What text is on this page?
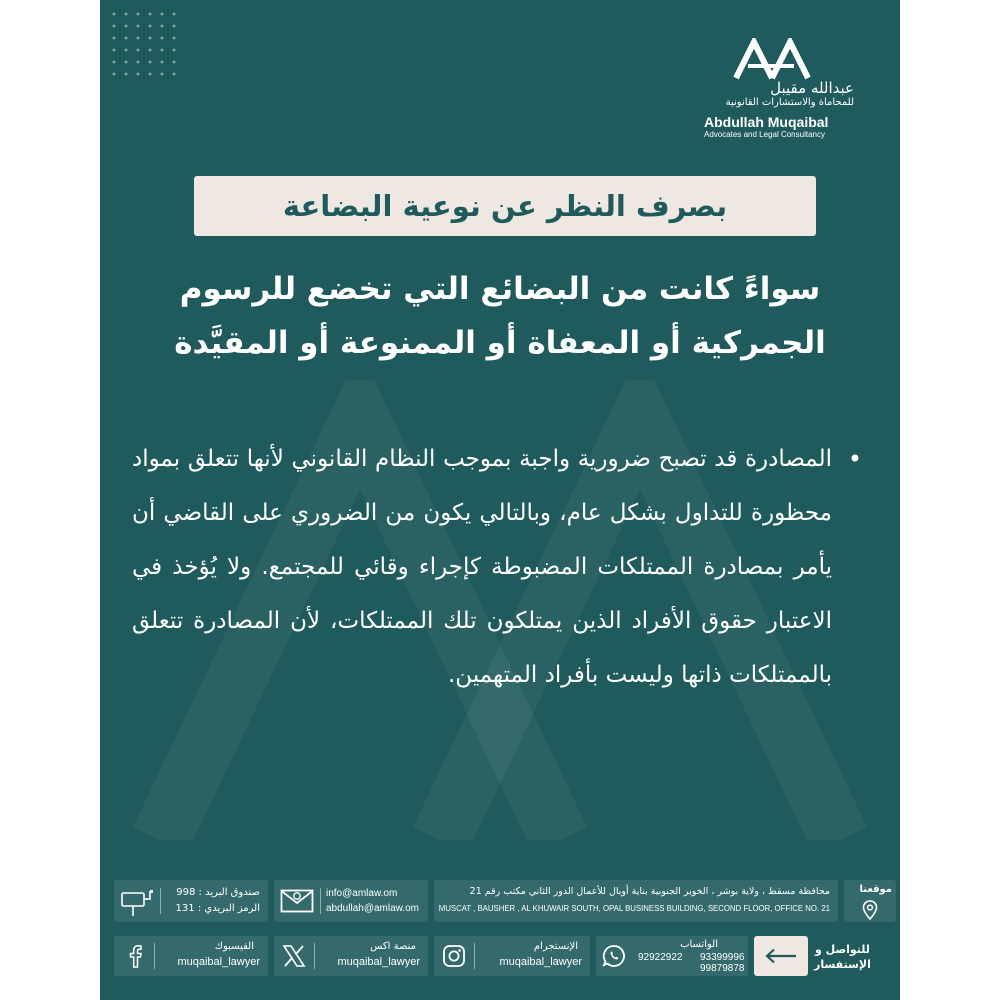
عبدالله مقيبل
للمحاماة والاستشارات القانونية
Abdullah Muqaibal
Advocates and Legal Consultancy
بصرف النظر عن نوعية البضاعة
سواءً كانت من البضائع التي تخضع للرسوم
الجمركية أو المعفاة أو الممنوعة أو المقيَّدة

• المصادرة قد تصبح ضرورية واجبة بموجب النظام القانوني لأنها تتعلق بمواد محظورة للتداول بشكل عام، وبالتالي يكون من الضروري على القاضي أن يأمر بمصادرة الممتلكات المضبوطة كإجراء وقائي للمجتمع. ولا يُؤخذ في الاعتبار حقوق الأفراد الذين يمتلكون تلك الممتلكات، لأن المصادرة تتعلق بالممتلكات ذاتها وليست بأفراد المتهمين.

موقعنا
محافظة مسقط ، ولاية بوشر ، الخوير الجنوبية بناية أوبال للأعمال الدور الثاني مكتب رقم 21
MUSCAT , BAUSHER , AL KHUWAIR SOUTH, OPAL BUSINESS BUILDING, SECOND FLOOR, OFFICE NO. 21
info@amlaw.om
abdullah@amlaw.om
صندوق البريد : 998
الرمز البريدي : 131
للتواصل و
الإستفسار
الواتساب
92922922 93399996
99879878
الإنستجرام
muqaibal_lawyer
منصة اكس
muqaibal_lawyer
الفيسبوك
muqaibal_lawyer
